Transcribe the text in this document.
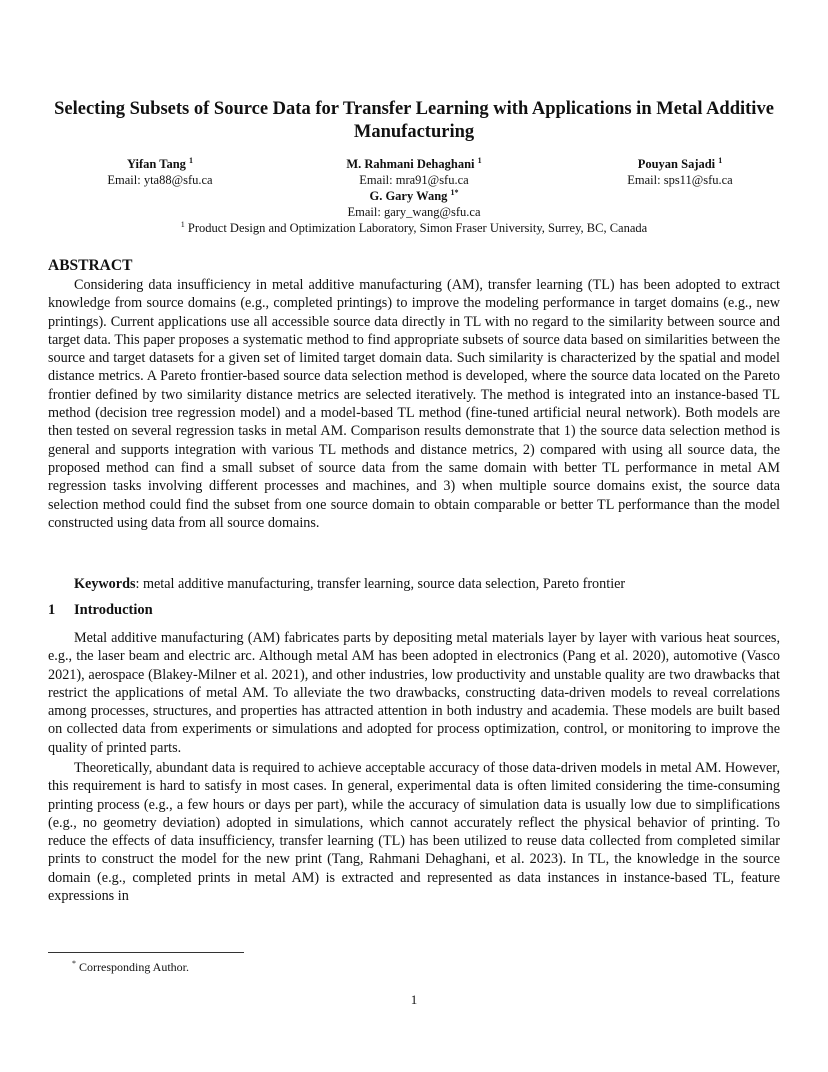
Selecting Subsets of Source Data for Transfer Learning with Applications in Metal Additive Manufacturing
Yifan Tang $^1$
Email: yta88@sfu.ca
M. Rahmani Dehaghani $^1$
Email: mra91@sfu.ca
Pouyan Sajadi $^1$
Email: sps11@sfu.ca
G. Gary Wang $^{1*}$
Email: gary_wang@sfu.ca
$^1$ Product Design and Optimization Laboratory, Simon Fraser University, Surrey, BC, Canada
ABSTRACT
Considering data insufficiency in metal additive manufacturing (AM), transfer learning (TL) has been adopted to extract knowledge from source domains (e.g., completed printings) to improve the modeling performance in target domains (e.g., new printings). Current applications use all accessible source data directly in TL with no regard to the similarity between source and target data. This paper proposes a systematic method to find appropriate subsets of source data based on similarities between the source and target datasets for a given set of limited target domain data. Such similarity is characterized by the spatial and model distance metrics. A Pareto frontier-based source data selection method is developed, where the source data located on the Pareto frontier defined by two similarity distance metrics are selected iteratively. The method is integrated into an instance-based TL method (decision tree regression model) and a model-based TL method (fine-tuned artificial neural network). Both models are then tested on several regression tasks in metal AM. Comparison results demonstrate that 1) the source data selection method is general and supports integration with various TL methods and distance metrics, 2) compared with using all source data, the proposed method can find a small subset of source data from the same domain with better TL performance in metal AM regression tasks involving different processes and machines, and 3) when multiple source domains exist, the source data selection method could find the subset from one source domain to obtain comparable or better TL performance than the model constructed using data from all source domains.
Keywords: metal additive manufacturing, transfer learning, source data selection, Pareto frontier
1 Introduction
Metal additive manufacturing (AM) fabricates parts by depositing metal materials layer by layer with various heat sources, e.g., the laser beam and electric arc. Although metal AM has been adopted in electronics (Pang et al. 2020), automotive (Vasco 2021), aerospace (Blakey-Milner et al. 2021), and other industries, low productivity and unstable quality are two drawbacks that restrict the applications of metal AM. To alleviate the two drawbacks, constructing data-driven models to reveal correlations among processes, structures, and properties has attracted attention in both industry and academia. These models are built based on collected data from experiments or simulations and adopted for process optimization, control, or monitoring to improve the quality of printed parts.
Theoretically, abundant data is required to achieve acceptable accuracy of those data-driven models in metal AM. However, this requirement is hard to satisfy in most cases. In general, experimental data is often limited considering the time-consuming printing process (e.g., a few hours or days per part), while the accuracy of simulation data is usually low due to simplifications (e.g., no geometry deviation) adopted in simulations, which cannot accurately reflect the physical behavior of printing. To reduce the effects of data insufficiency, transfer learning (TL) has been utilized to reuse data collected from completed similar prints to construct the model for the new print (Tang, Rahmani Dehaghani, et al. 2023). In TL, the knowledge in the source domain (e.g., completed prints in metal AM) is extracted and represented as data instances in instance-based TL, feature expressions in
* Corresponding Author.
1
